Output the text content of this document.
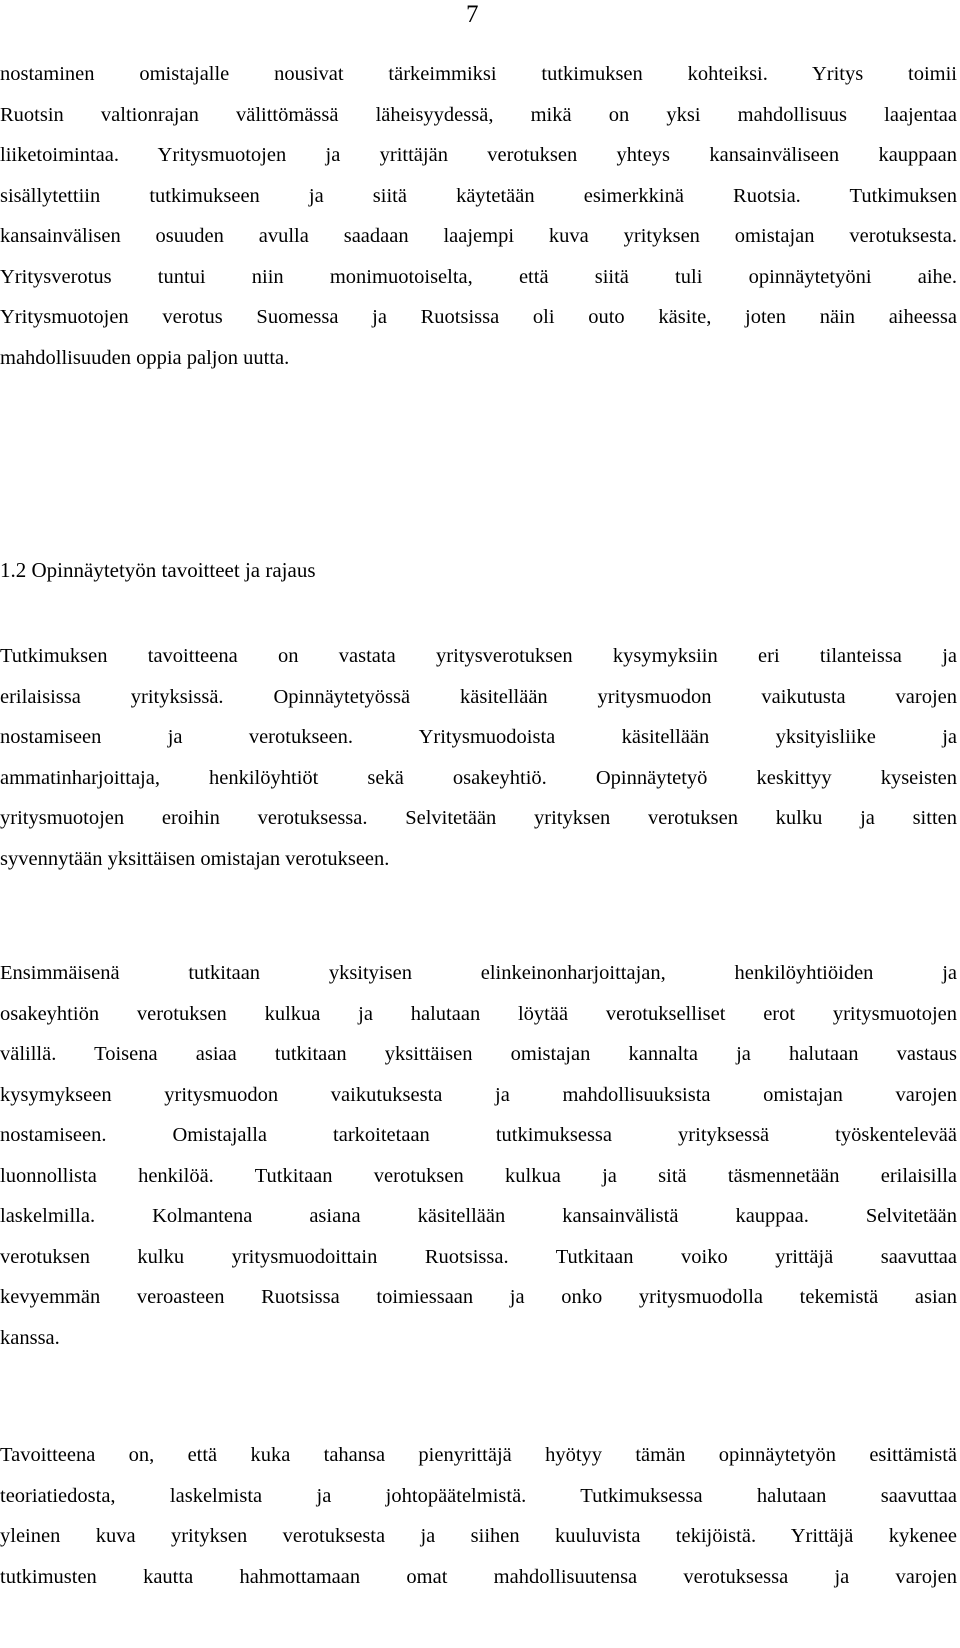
7
nostaminen omistajalle nousivat tärkeimmiksi tutkimuksen kohteiksi. Yritys toimii
Ruotsin valtionrajan välittömässä läheisyydessä, mikä on yksi mahdollisuus laajentaa
liiketoimintaa. Yritysmuotojen ja yrittäjän verotuksen yhteys kansainväliseen kauppaan
sisällytettiin tutkimukseen ja siitä käytetään esimerkkinä Ruotsia. Tutkimuksen
kansainvälisen osuuden avulla saadaan laajempi kuva yrityksen omistajan verotuksesta.
Yritysverotus tuntui niin monimuotoiselta, että siitä tuli opinnäytetyöni aihe.
Yritysmuotojen verotus Suomessa ja Ruotsissa oli outo käsite, joten näin aiheessa
mahdollisuuden oppia paljon uutta.
1.2 Opinnäytetyön tavoitteet ja rajaus
Tutkimuksen tavoitteena on vastata yritysverotuksen kysymyksiin eri tilanteissa ja
erilaisissa yrityksissä. Opinnäytetyössä käsitellään yritysmuodon vaikutusta varojen
nostamiseen ja verotukseen. Yritysmuodoista käsitellään yksityisliike ja
ammatinharjoittaja, henkilöyhtiöt sekä osakeyhtiö. Opinnäytetyö keskittyy kyseisten
yritysmuotojen eroihin verotuksessa. Selvitetään yrityksen verotuksen kulku ja sitten
syvennytään yksittäisen omistajan verotukseen.
Ensimmäisenä tutkitaan yksityisen elinkeinonharjoittajan, henkilöyhtiöiden ja
osakeyhtiön verotuksen kulkua ja halutaan löytää verotukselliset erot yritysmuotojen
välillä. Toisena asiaa tutkitaan yksittäisen omistajan kannalta ja halutaan vastaus
kysymykseen yritysmuodon vaikutuksesta ja mahdollisuuksista omistajan varojen
nostamiseen. Omistajalla tarkoitetaan tutkimuksessa yrityksessä työskentelevää
luonnollista henkilöä. Tutkitaan verotuksen kulkua ja sitä täsmennetään erilaisilla
laskelmilla. Kolmantena asiana käsitellään kansainvälistä kauppaa. Selvitetään
verotuksen kulku yritysmuodoittain Ruotsissa. Tutkitaan voiko yrittäjä saavuttaa
kevyemmän veroasteen Ruotsissa toimiessaan ja onko yritysmuodolla tekemistä asian
kanssa.
Tavoitteena on, että kuka tahansa pienyrittäjä hyötyy tämän opinnäytetyön esittämistä
teoriatiedosta, laskelmista ja johtopäätelmistä. Tutkimuksessa halutaan saavuttaa
yleinen kuva yrityksen verotuksesta ja siihen kuuluvista tekijöistä. Yrittäjä kykenee
tutkimusten kautta hahmottamaan omat mahdollisuutensa verotuksessa ja varojen
